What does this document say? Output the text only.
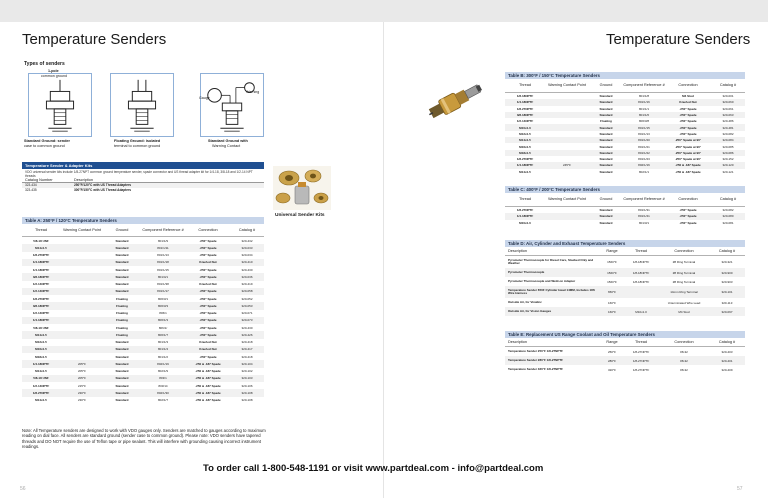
Temperature Senders
Types of senders
1-pole
common ground
Standard Ground: sender
case to common ground
Floating Ground: isolated
terminal to common ground
Gauge
Warning
Standard Ground with
Warning Contact
Temperature Sender & Adapter Kits
VDO universal sender kits include 1/8-27NPT common ground temperature sender, spade connector and US thread adapter kit for 1/4-18, 3/8-18 and 1/2-14 NPT threads
Catalog Number	Description
323-434	250°F/120°C with US Thread Adapters
323-435	300°F/150°C with US Thread Adapters
Universal Sender Kits
Table A: 250°F / 120°C Temperature Senders
Thread	Warning Contact Point	Ground	Component Reference #	Connection	Catalog #
5/8-18 UNF	Standard	801/1/9	.250" Spade	320-432
M14x1.5	Standard	801/1/11	.250" Spade	320-033
1/8-27NPTF	Standard	801/1/13	.250" Spade	320-034
1/4-18NPTF	Standard	801/1/18	Knurled Nut	320-410
1/4-18NPTF	Standard	801/1/15	.250" Spade	320-430
3/8-18NPTF	Standard	801/4/1	.250" Spade	320-036
1/2-14NPTF	Standard	801/1/38	Knurled Nut	320-419
1/2-14NPTF	Standard	801/1/17	.250" Spade	320-058
1/8-27NPTF	Floating	806/3/1	.250" Spade	320-052
3/8-18NPTF	Floating	806/3/3	.250" Spade	320-053
1/2-14NPTF	Floating	806/1	.250" Spade	320-071
1/4-18NPTF	Floating	806/1/3	.250" Spade	320-073
5/8-18 UNF	Floating	806/1/	.250" Spade	320-430
M14x1.5	Floating	806/1/7	.250" Spade	320-426
M12x1.5	Standard	801/1/3	Knurled Nut	320-418
M16x1.5	Standard	801/1/4	Knurled Nut	320-417
M18x1.5	Standard	801/1/2	.250" Spade	320-418
1/4-18NPTF	205°F	Standard	802/1/19	.250 & .187 Spade	320-104
M14x1.5	205°F	Standard	802/1/9	.250 & .187 Spade	320-102
5/8-18 UNF	205°F	Standard	803/1	.250 & .187 Spade	320-103
1/2-14NPTF	215°F	Standard	803/14	.250 & .187 Spade	320-106
1/8-27NPTF	230°F	Standard	802/1/30	.250 & .187 Spade	320-108
M14x1.5	230°F	Standard	802/1/7	.250 & .187 Spade	320-108
Note: All Temperature senders are designed to work with VDO gauges only. Senders are matched to gauges according to maximum reading on dial face. All senders are standard ground (sender case to common ground). Please note: VDO senders have tapered threads and DO NOT require the use of Teflon tape or pipe sealant. This will interfere with grounding causing incorrect instrument readings.
56
Temperature Senders
Table B: 300°F / 150°C Temperature Senders
Thread	Warning Contact Point	Ground	Component Reference #	Connection	Catalog #
1/8-18NPTF	Standard	801/1/8	M4 Stud	320-001
1/4-18NPTF	Standard	801/1/16	Knurled Nut	320-060
1/8-27NPTF	Standard	801/1/1	.250" Spade	320-061
3/8-18NPTF	Standard	801/1/6	.250" Spade	320-063
1/2-14NPTF	Floating	806/3/8	.250" Spade	320-486
M10x1.0	Standard	801/1/15	.250" Spade	320-481
M12x1.5	Standard	801/1/13	.250" Spade	320-082
M14x1.5	Standard	801/1/20	.250" Spade at 90°	320-084
M16x1.5	Standard	801/1/21	.250" Spade at 90°	320-085
M18x1.5	Standard	801/1/22	.250" Spade at 90°	320-086
1/8-27NPTF	Standard	801/1/23	.250" Spade at 90°	320-152
1/4-18NPTF	245°F	Standard	802/1/16	.250 & .187 Spade	320-120
M14x1.5	Standard	802/1/1	.250 & .187 Spade	320-121
Table C: 400°F / 200°C Temperature Senders
Thread	Warning Contact Point	Ground	Component Reference #	Connection	Catalog #
1/8-27NPTF	Standard	801/1/31	.250" Spade	320-082
1/4-18NPTF	Standard	801/1/41	.250" Spade	320-080
M10x1.0	Standard	801/3/1	.250" Spade	320-081
Table D: Air, Cylinder and Exhaust Temperature Senders
Description	Range	Thread	Connection	Catalog #
Pyrometer Thermocouple for Diesel Cars, Stacked Only and Weather	1560°F	1/8-18NPTF	#8 Ring Terminal	320-321
Pyrometer Thermocouple	1560°F	1/8-18NPTF	#8 Ring Terminal	320-900
Pyrometer Thermocouple and Weld-on Adapter	1560°F	1/8-18NPTF	#8 Ring Terminal	320-903
Temperature Sender 650F Cylinder Head 14MM, Includes 18ft Wire Harness	650°F	14mm Ring Terminal	320-101
Outside Air, for Vinalinc	160°F	Unterminated Wire Lead	320-113
Outside Air, for Vision Gauges	160°F	M10x1.0	M4 Stud	320-097
Table E: Replacement US Range Coolant and Oil Temperature Senders
Description	Range	Thread	Connection	Catalog #
Temperature Sender 250°F 1/8-27NPTF	250°F	1/8-27NPTF	#8-32	320-403
Temperature Sender 280°F 1/8-27NPTF	280°F	1/8-27NPTF	#8-32	320-401
Temperature Sender 320°F 1/8-27NPTF	320°F	1/8-27NPTF	#8-32	320-409
To order call 1-800-548-1191 or visit www.partdeal.com - info@partdeal.com
57
